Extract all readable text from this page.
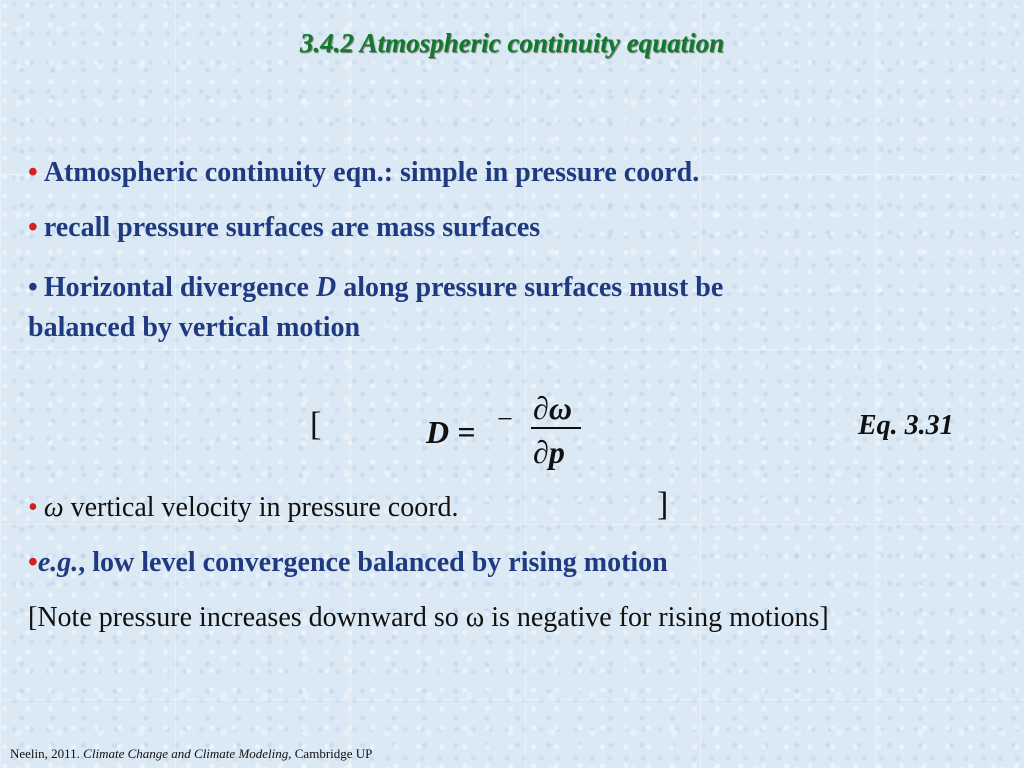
3.4.2 Atmospheric continuity equation
• Atmospheric continuity eqn.: simple in pressure coord.
• recall pressure surfaces are mass surfaces
• Horizontal divergence D along pressure surfaces must be
balanced by vertical motion
[	D = − ∂ω
∂p
Eq. 3.31
• ω vertical velocity in pressure coord.	]
•e.g., low level convergence balanced by rising motion
[Note pressure increases downward so ω is negative for rising motions]
Neelin, 2011. Climate Change and Climate Modeling, Cambridge UP
